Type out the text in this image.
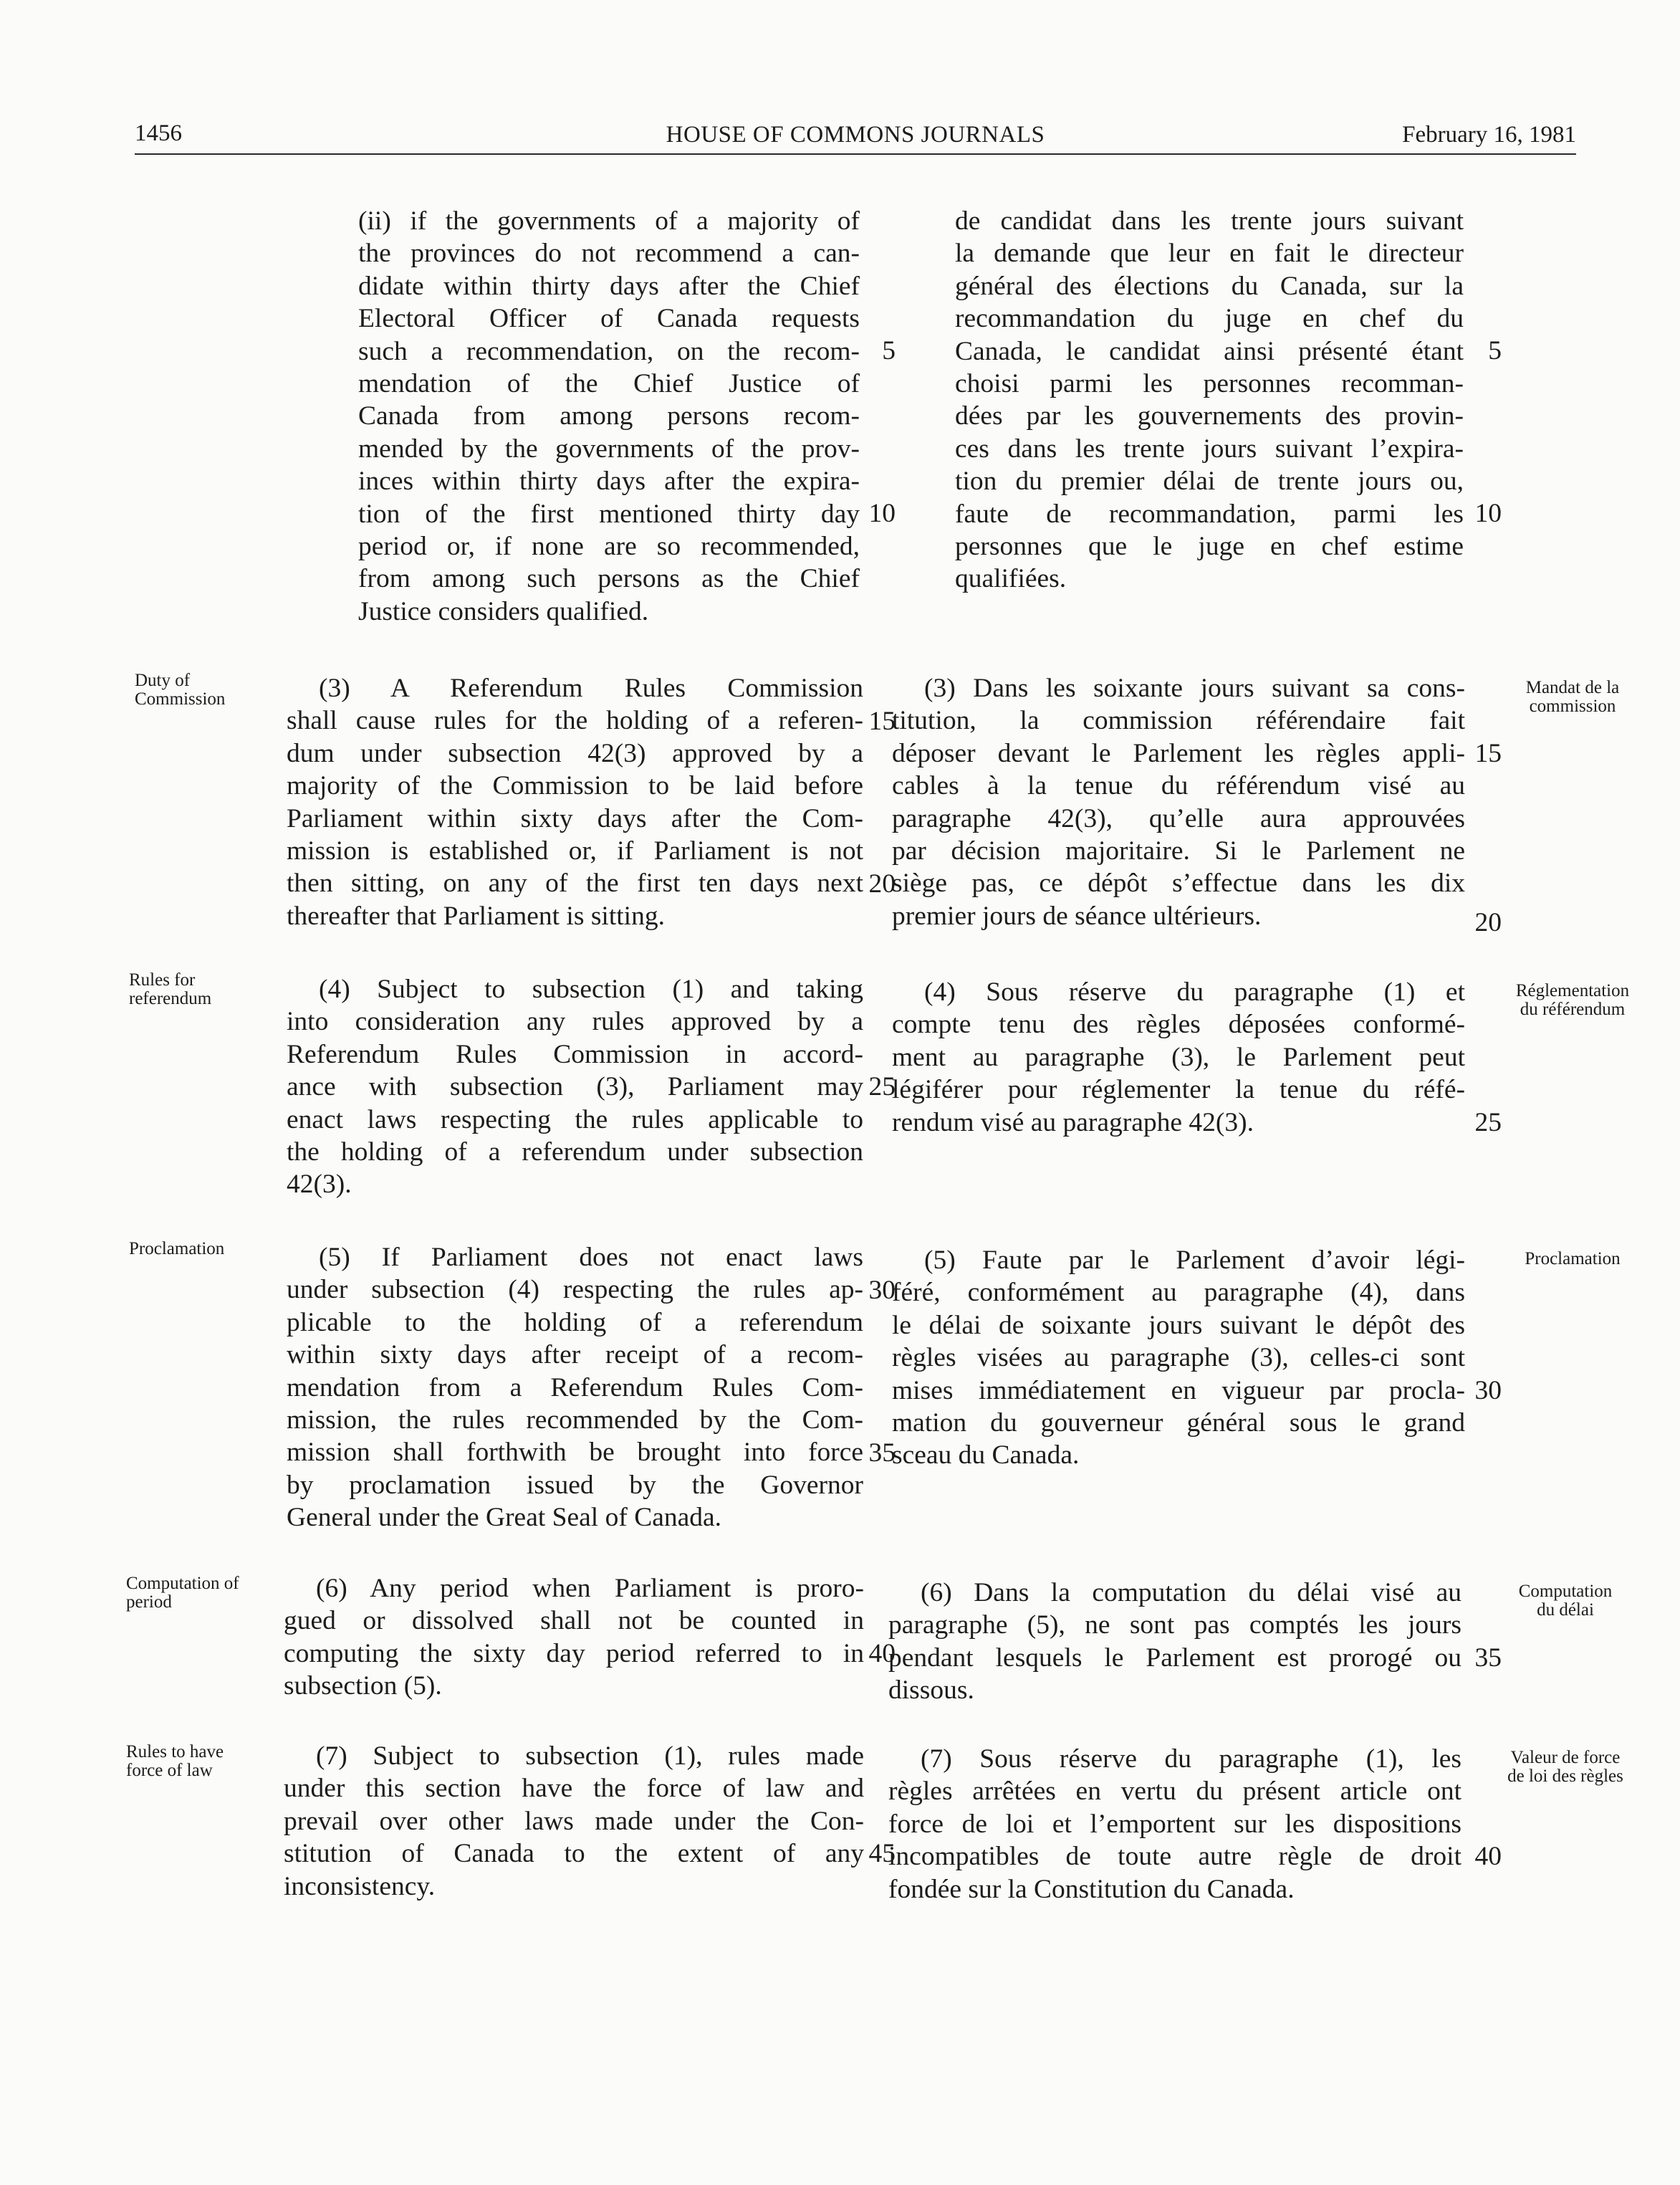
1456	HOUSE OF COMMONS JOURNALS	February 16, 1981
(ii) if the governments of a majority of
the provinces do not recommend a can-
didate within thirty days after the Chief
Electoral Officer of Canada requests
such a recommendation, on the recom-
mendation of the Chief Justice of
Canada from among persons recom-
mended by the governments of the prov-
inces within thirty days after the expira-
tion of the first mentioned thirty day
period or, if none are so recommended,
from among such persons as the Chief
Justice considers qualified.
5
10
de candidat dans les trente jours suivant
la demande que leur en fait le directeur
général des élections du Canada, sur la
recommandation du juge en chef du
Canada, le candidat ainsi présenté étant
choisi parmi les personnes recomman-
dées par les gouvernements des provin-
ces dans les trente jours suivant l’expira-
tion du premier délai de trente jours ou,
faute de recommandation, parmi les
personnes que le juge en chef estime
qualifiées.
5
10
Duty of
Commission	(3) A Referendum Rules Commission
shall cause rules for the holding of a referen-
dum under subsection 42(3) approved by a
majority of the Commission to be laid before
Parliament within sixty days after the Com-
mission is established or, if Parliament is not
then sitting, on any of the first ten days next
thereafter that Parliament is sitting.
15
20
(3) Dans les soixante jours suivant sa cons-
titution, la commission référendaire fait
déposer devant le Parlement les règles appli-
cables à la tenue du référendum visé au
paragraphe 42(3), qu’elle aura approuvées
par décision majoritaire. Si le Parlement ne
siège pas, ce dépôt s’effectue dans les dix
premier jours de séance ultérieurs.
15
20
Mandat de la
commission
Rules for
referendum	(4) Subject to subsection (1) and taking
into consideration any rules approved by a
Referendum Rules Commission in accord-
ance with subsection (3), Parliament may
enact laws respecting the rules applicable to
the holding of a referendum under subsection
42(3).
25
(4) Sous réserve du paragraphe (1) et
compte tenu des règles déposées conformé-
ment au paragraphe (3), le Parlement peut
légiférer pour réglementer la tenue du réfé-
rendum visé au paragraphe 42(3).	25
Réglementation
du référendum
Proclamation	(5) If Parliament does not enact laws
under subsection (4) respecting the rules ap-
plicable to the holding of a referendum
within sixty days after receipt of a recom-
mendation from a Referendum Rules Com-
mission, the rules recommended by the Com-
mission shall forthwith be brought into force
by proclamation issued by the Governor
General under the Great Seal of Canada.
30
35
(5) Faute par le Parlement d’avoir légi-
féré, conformément au paragraphe (4), dans
le délai de soixante jours suivant le dépôt des
règles visées au paragraphe (3), celles-ci sont
mises immédiatement en vigueur par procla-
mation du gouverneur général sous le grand
sceau du Canada.
30
Proclamation
Computation of
period	(6) Any period when Parliament is proro-
gued or dissolved shall not be counted in
computing the sixty day period referred to in
subsection (5).
40
(6) Dans la computation du délai visé au
paragraphe (5), ne sont pas comptés les jours
pendant lesquels le Parlement est prorogé ou
dissous.
35
Computation
du délai
Rules to have
force of law	(7) Subject to subsection (1), rules made
under this section have the force of law and
prevail over other laws made under the Con-
stitution of Canada to the extent of any
inconsistency.
45
(7) Sous réserve du paragraphe (1), les
règles arrêtées en vertu du présent article ont
force de loi et l’emportent sur les dispositions
incompatibles de toute autre règle de droit
fondée sur la Constitution du Canada.
40
Valeur de force
de loi des règles
